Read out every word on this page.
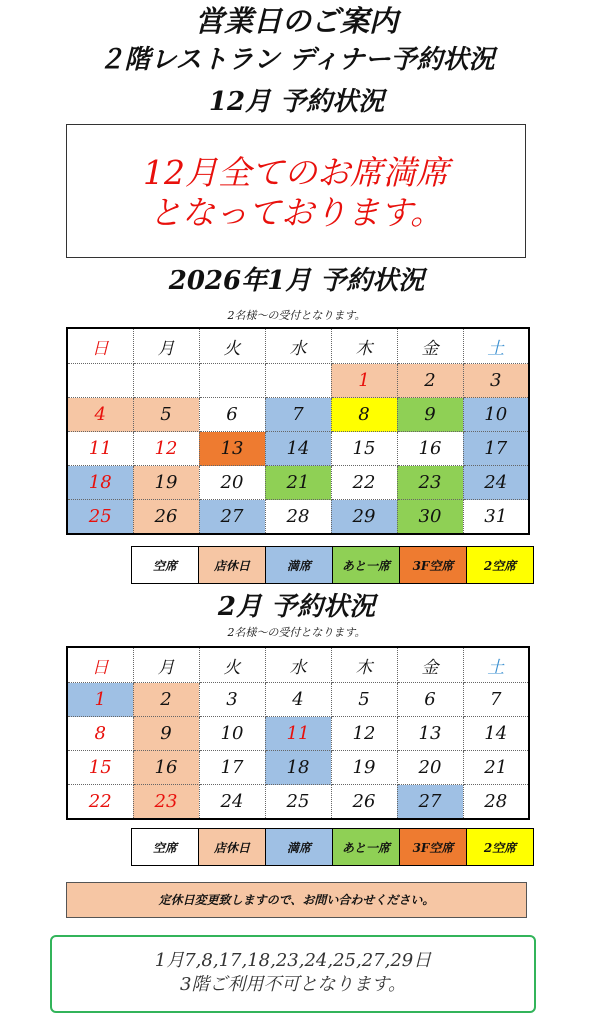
営業日のご案内
２階レストラン ディナー予約状況
12月 予約状況
12月全てのお席満席
となっております。
2026年1月 予約状況
2名様～の受付となります。
日	月	火	水	木	金	土
				1	2	3
4	5	6	7	8	9	10
11	12	13	14	15	16	17
18	19	20	21	22	23	24
25	26	27	28	29	30	31
空席	店休日	満席	あと一席	3F空席	2空席
2月 予約状況
2名様～の受付となります。
日	月	火	水	木	金	土
1	2	3	4	5	6	7
8	9	10	11	12	13	14
15	16	17	18	19	20	21
22	23	24	25	26	27	28
空席	店休日	満席	あと一席	3F空席	2空席
定休日変更致しますので、お問い合わせください。
1月7,8,17,18,23,24,25,27,29日
3階ご利用不可となります。
